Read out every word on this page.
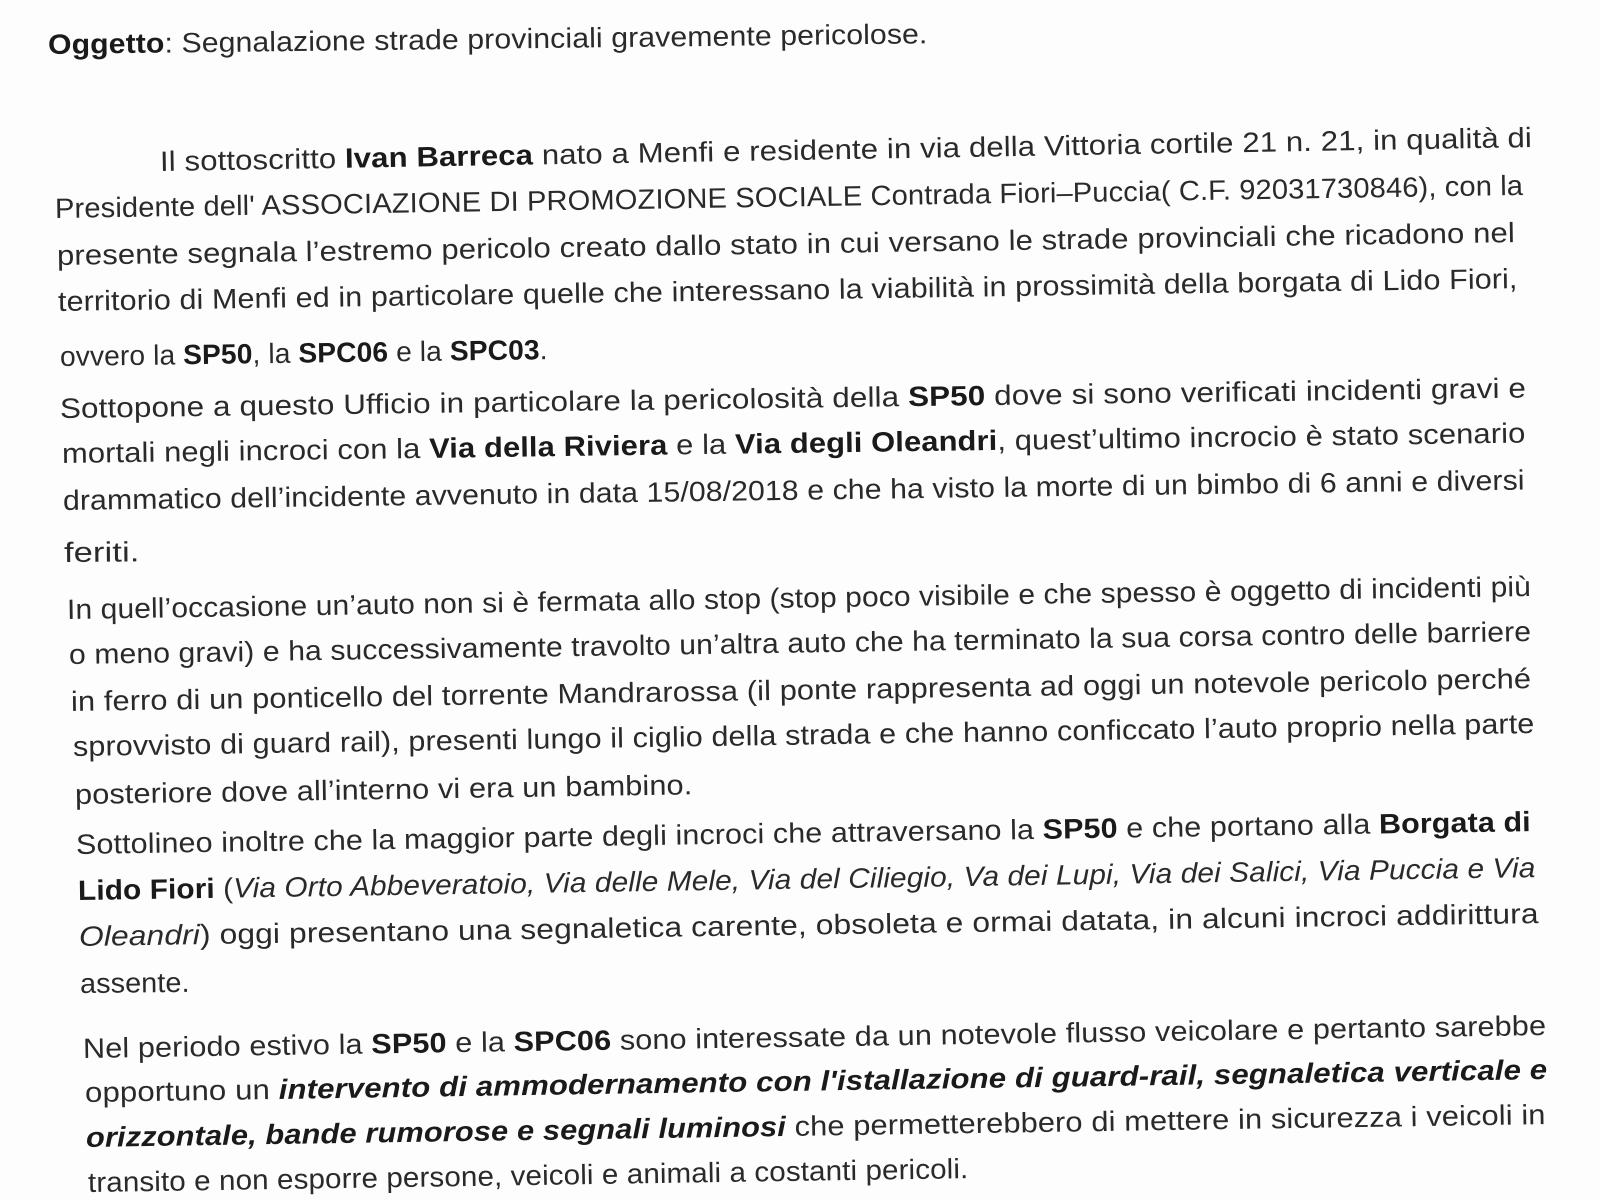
Oggetto: Segnalazione strade provinciali gravemente pericolose.

Il sottoscritto Ivan Barreca nato a Menfi e residente in via della Vittoria cortile 21 n. 21, in qualità di

Presidente dell' ASSOCIAZIONE DI PROMOZIONE SOCIALE Contrada Fiori–Puccia( C.F. 92031730846), con la

presente segnala l’estremo pericolo creato dallo stato in cui versano le strade provinciali che ricadono nel

territorio di Menfi ed in particolare quelle che interessano la viabilità in prossimità della borgata di Lido Fiori,

ovvero la SP50, la SPC06 e la SPC03.

Sottopone a questo Ufficio in particolare la pericolosità della SP50 dove si sono verificati incidenti gravi e

mortali negli incroci con la Via della Riviera e la Via degli Oleandri, quest’ultimo incrocio è stato scenario

drammatico dell’incidente avvenuto in data 15/08/2018 e che ha visto la morte di un bimbo di 6 anni e diversi

feriti.

In quell’occasione un’auto non si è fermata allo stop (stop poco visibile e che spesso è oggetto di incidenti più

o meno gravi) e ha successivamente travolto un’altra auto che ha terminato la sua corsa contro delle barriere

in ferro di un ponticello del torrente Mandrarossa (il ponte rappresenta ad oggi un notevole pericolo perché

sprovvisto di guard rail), presenti lungo il ciglio della strada e che hanno conficcato l’auto proprio nella parte

posteriore dove all’interno vi era un bambino.

Sottolineo inoltre che la maggior parte degli incroci che attraversano la SP50 e che portano alla Borgata di

Lido Fiori (Via Orto Abbeveratoio, Via delle Mele, Via del Ciliegio, Va dei Lupi, Via dei Salici, Via Puccia e Via

Oleandri) oggi presentano una segnaletica carente, obsoleta e ormai datata, in alcuni incroci addirittura

assente.

Nel periodo estivo la SP50 e la SPC06 sono interessate da un notevole flusso veicolare e pertanto sarebbe

opportuno un intervento di ammodernamento con l'istallazione di guard-rail, segnaletica verticale e

orizzontale, bande rumorose e segnali luminosi che permetterebbero di mettere in sicurezza i veicoli in

transito e non esporre persone, veicoli e animali a costanti pericoli.
